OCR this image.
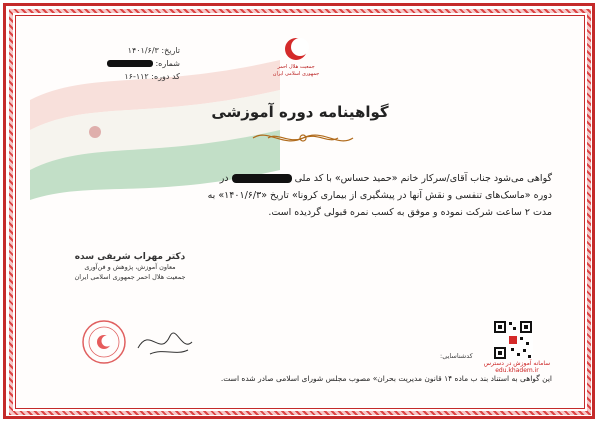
تاریخ: ۱۴۰۱/۶/۳
شماره:
کد دوره: ۱۶-۱۱۲
جمعیت هلال احمر
جمهوری اسلامی ایران
گواهینامه دوره آموزشی
گواهی می‌شود جناب آقای/سرکار خانم «حمید حساس» با کد ملی  در
دوره «ماسک‌های تنفسی و نقش آنها در پیشگیری از بیماری کرونا» تاریخ «۱۴۰۱/۶/۳» به
مدت ۲ ساعت شرکت نموده و موفق به کسب نمره قبولی گردیده است.
دکتر مهراب شریفی سده
معاون آموزش، پژوهش و فن‌آوری
جمعیت هلال احمر جمهوری اسلامی ایران
سامانه آموزش در دسترس
edu.khadem.ir
کدشناسایی:
این گواهی به استناد بند ب ماده ۱۴ قانون مدیریت بحران» مصوب مجلس شورای اسلامی صادر شده است.
